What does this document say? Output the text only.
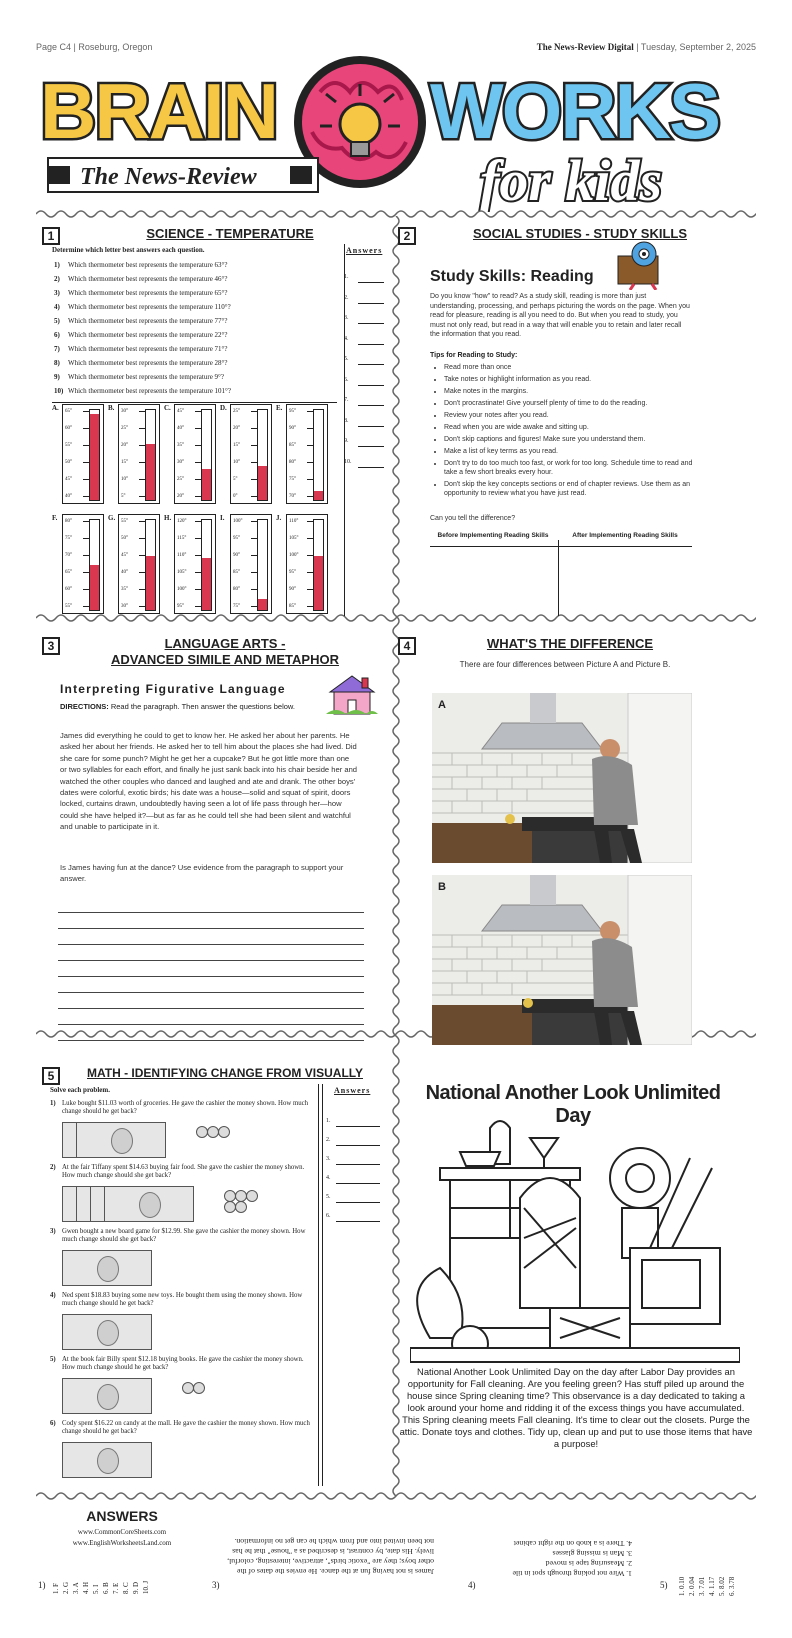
Page C4 | Roseburg, Oregon	The News-Review Digital | Tuesday, September 2, 2025
BRAIN WORKS
The News-Review	for kids
1	SCIENCE - TEMPERATURE
Determine which letter best answers each question.
1) Which thermometer best represents the temperature 63°?
2) Which thermometer best represents the temperature 46°?
3) Which thermometer best represents the temperature 65°?
4) Which thermometer best represents the temperature 110°?
5) Which thermometer best represents the temperature 77°?
6) Which thermometer best represents the temperature 22°?
7) Which thermometer best represents the temperature 71°?
8) Which thermometer best represents the temperature 28°?
9) Which thermometer best represents the temperature 9°?
10) Which thermometer best represents the temperature 101°?
Answers
1.
2.
3.
4.
5.
6.
7.
8.
9.
10.
A. 65°
60°
55°
50°
45°
40°
B. 30°
25°
20°
15°
10°
5°
C. 45°
40°
35°
30°
25°
20°
D. 25°
20°
15°
10°
5°
0°
E. 95°
90°
85°
80°
75°
70°
F. 80°
75°
70°
65°
60°
55°
G. 55°
50°
45°
40°
35°
30°
H. 120°
115°
110°
105°
100°
95°
I. 100°
95°
90°
85°
80°
75°
J. 110°
105°
100°
95°
90°
85°
2	SOCIAL STUDIES - STUDY SKILLS
Study Skills: Reading
Do you know "how" to read? As a study skill, reading is more than just understanding, processing, and perhaps picturing the words on the page. When you read for pleasure, reading is all you need to do. But when you read to study, you must not only read, but read in a way that will enable you to retain and later recall the information that you read.
Tips for Reading to Study:
• Read more than once
• Take notes or highlight information as you read.
• Make notes in the margins.
• Don't procrastinate! Give yourself plenty of time to do the reading.
• Review your notes after you read.
• Read when you are wide awake and sitting up.
• Don't skip captions and figures! Make sure you understand them.
• Make a list of key terms as you read.
• Don't try to do too much too fast, or work for too long. Schedule time to read and take a few short breaks every hour.
• Don't skip the key concepts sections or end of chapter reviews. Use them as an opportunity to review what you have just read.
Can you tell the difference?
Before Implementing Reading Skills	After Implementing Reading Skills
3	LANGUAGE ARTS -
ADVANCED SIMILE AND METAPHOR
Interpreting Figurative Language
DIRECTIONS: Read the paragraph. Then answer the questions below.
James did everything he could to get to know her. He asked her about her parents. He asked her about her friends. He asked her to tell him about the places she had lived. Did she care for some punch? Might he get her a cupcake? But he got little more than one or two syllables for each effort, and finally he just sank back into his chair beside her and watched the other couples who danced and laughed and ate and drank. The other boys' dates were colorful, exotic birds; his date was a house—solid and squat of spirit, doors locked, curtains drawn, undoubtedly having seen a lot of life pass through her—how could she have helped it?—but as far as he could tell she had been silent and watchful and unable to participate in it.
Is James having fun at the dance? Use evidence from the paragraph to support your answer.
4	WHAT'S THE DIFFERENCE
There are four differences between Picture A and Picture B.
A
B
5	MATH - IDENTIFYING CHANGE FROM VISUALLY
Solve each problem.	Answers
1.
2.
3.
4.
5.
6.
1) Luke bought $11.03 worth of groceries. He gave the cashier the money shown. How much change should he get back?
2) At the fair Tiffany spent $14.63 buying fair food. She gave the cashier the money shown. How much change should she get back?
3) Gwen bought a new board game for $12.99. She gave the cashier the money shown. How much change should she get back?
4) Ned spent $18.83 buying some new toys. He bought them using the money shown. How much change should he get back?
5) At the book fair Billy spent $12.18 buying books. He gave the cashier the money shown. How much change should he get back?
6) Cody spent $16.22 on candy at the mall. He gave the cashier the money shown. How much change should he get back?
National Another Look Unlimited Day
National Another Look Unlimited Day on the day after Labor Day provides an opportunity for Fall cleaning. Are you feeling green? Has stuff piled up around the house since Spring cleaning time? This observance is a day dedicated to taking a look around your home and ridding it of the excess things you have accumulated. This Spring cleaning meets Fall cleaning. It's time to clear out the closets. Purge the attic. Donate toys and clothes. Tidy up, clean up and put to use those items that have a purpose!
ANSWERS
www.CommonCoreSheets.com
www.EnglishWorksheetsLand.com
1) 1. F 2. G 3. A 4. H 5. I 6. B 7. E 8. C 9. D 10. J	3)
James is not having fun at the dance. He envies the dates of the other boys; they are "exotic birds", attractive, interesting, colorful, lively. His date, by contrast, is described as a "house" that he has not been invited into and from which he can get no information.
4)
1. Wire not poking through spot in tile
2. Measuring tape is moved
3. Man is missing glasses
4. There is a knob on the right cabinet
5) 1. 0.10 2. 0.04 3. 7.01 4. 1.17 5. 8.02 6. 3.78
